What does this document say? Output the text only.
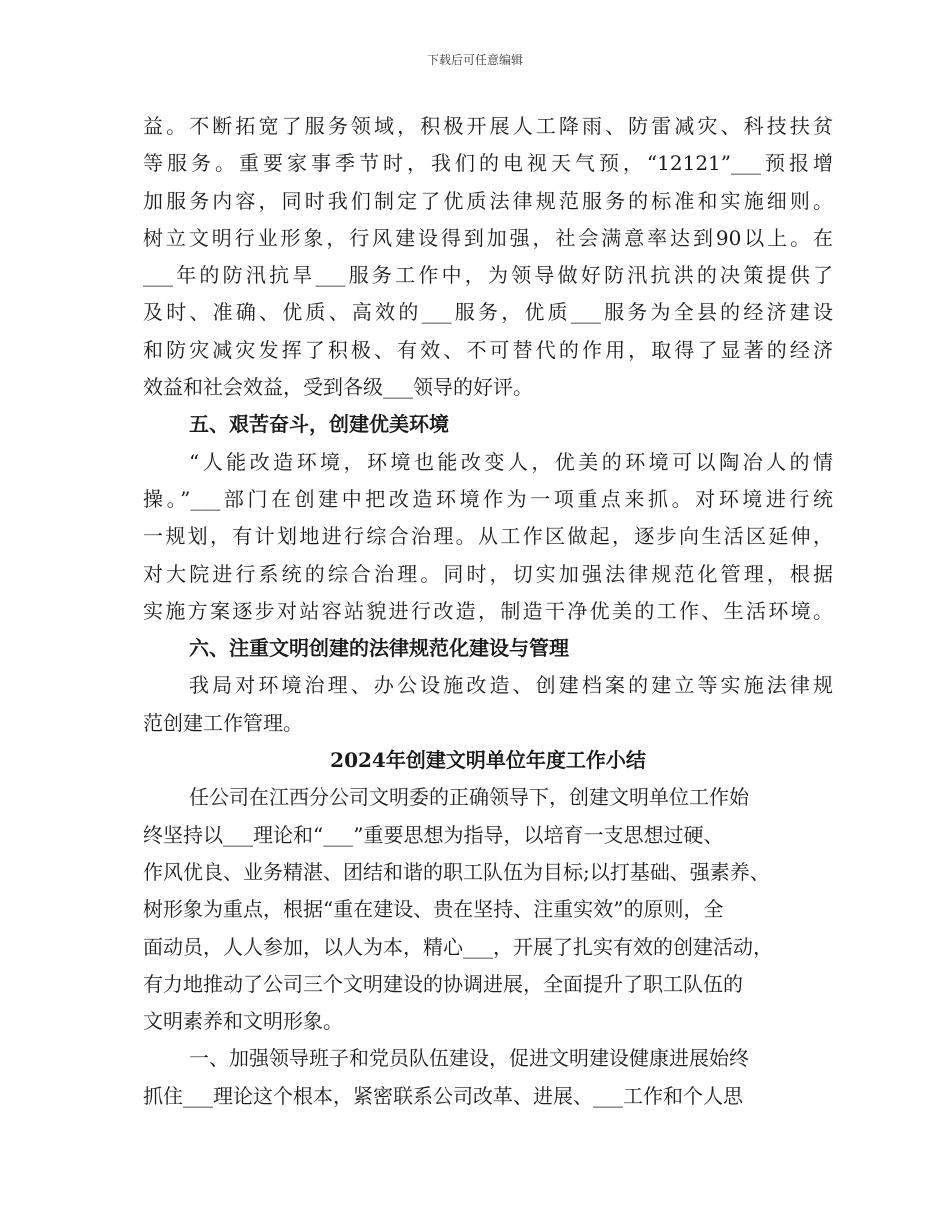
下载后可任意编辑
益。不断拓宽了服务领域，积极开展人工降雨、防雷减灾、科技扶贫
等服务。重要家事季节时，我们的电视天气预，“12121”___预报增
加服务内容，同时我们制定了优质法律规范服务的标准和实施细则。
树立文明行业形象，行风建设得到加强，社会满意率达到90以上。在
___年的防汛抗旱___服务工作中，为领导做好防汛抗洪的决策提供了
及时、准确、优质、高效的___服务，优质___服务为全县的经济建设
和防灾减灾发挥了积极、有效、不可替代的作用，取得了显著的经济
效益和社会效益，受到各级___领导的好评。
五、艰苦奋斗，创建优美环境
“人能改造环境，环境也能改变人，优美的环境可以陶冶人的情
操。”___部门在创建中把改造环境作为一项重点来抓。对环境进行统
一规划，有计划地进行综合治理。从工作区做起，逐步向生活区延伸，
对大院进行系统的综合治理。同时，切实加强法律规范化管理，根据
实施方案逐步对站容站貌进行改造，制造干净优美的工作、生活环境。
六、注重文明创建的法律规范化建设与管理
我局对环境治理、办公设施改造、创建档案的建立等实施法律规
范创建工作管理。
2024年创建文明单位年度工作小结
任公司在江西分公司文明委的正确领导下，创建文明单位工作始
终坚持以___理论和“___”重要思想为指导，以培育一支思想过硬、
作风优良、业务精湛、团结和谐的职工队伍为目标;以打基础、强素养、
树形象为重点，根据“重在建设、贵在坚持、注重实效”的原则，全
面动员，人人参加，以人为本，精心___，开展了扎实有效的创建活动，
有力地推动了公司三个文明建设的协调进展，全面提升了职工队伍的
文明素养和文明形象。
一、加强领导班子和党员队伍建设，促进文明建设健康进展始终
抓住___理论这个根本，紧密联系公司改革、进展、___工作和个人思
